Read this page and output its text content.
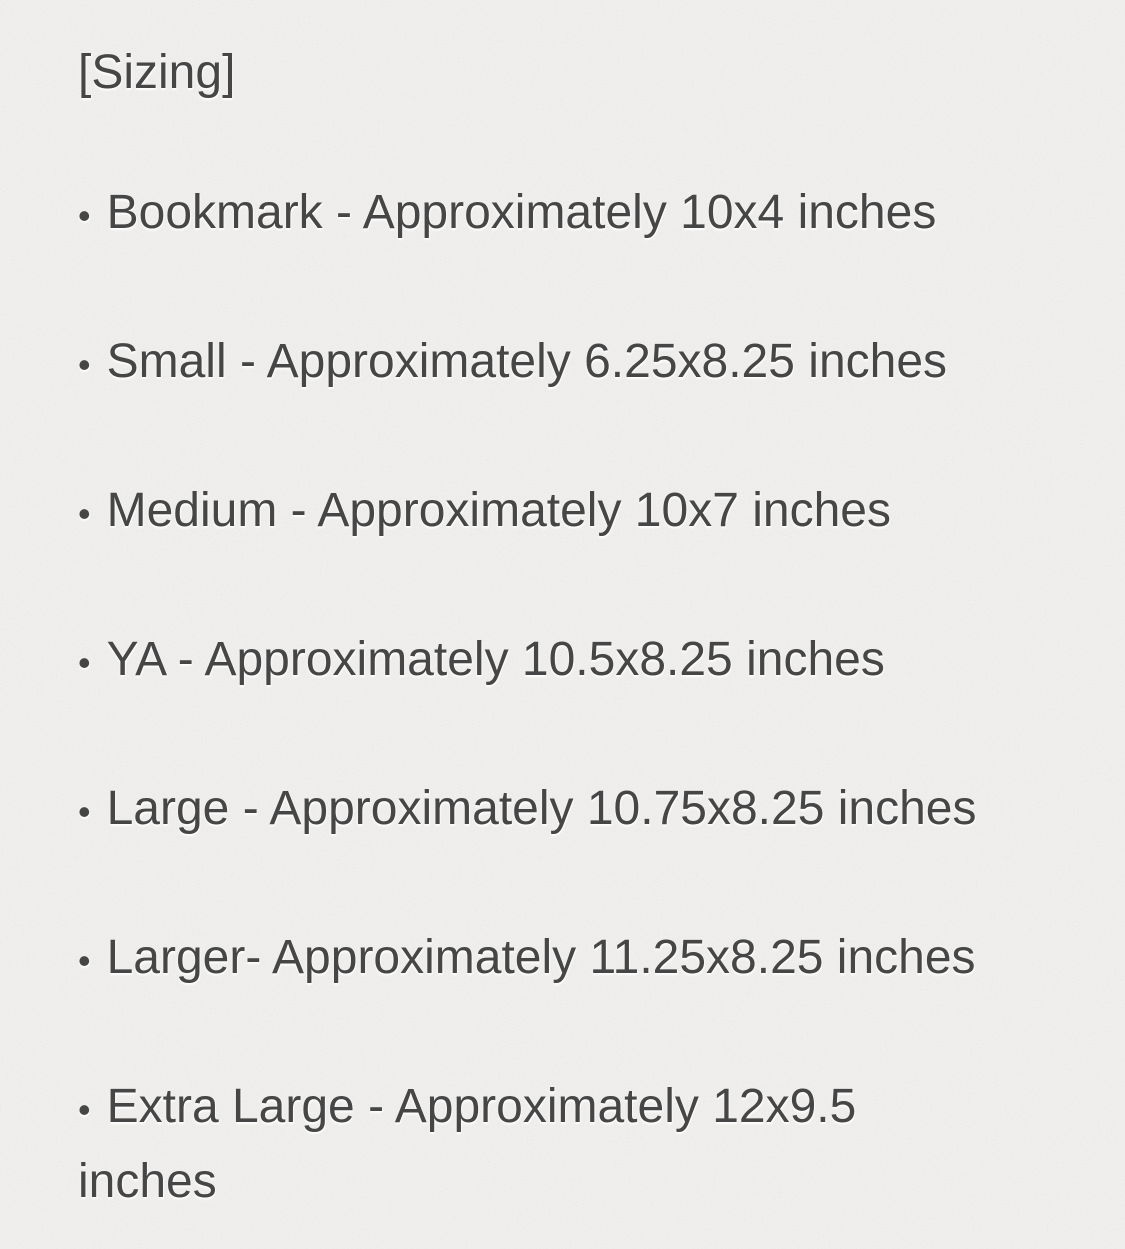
[Sizing]
• Bookmark - Approximately 10x4 inches
• Small - Approximately 6.25x8.25 inches
• Medium - Approximately 10x7 inches
• YA - Approximately 10.5x8.25 inches
• Large - Approximately 10.75x8.25 inches
• Larger- Approximately 11.25x8.25 inches
• Extra Large - Approximately 12x9.5 inches
